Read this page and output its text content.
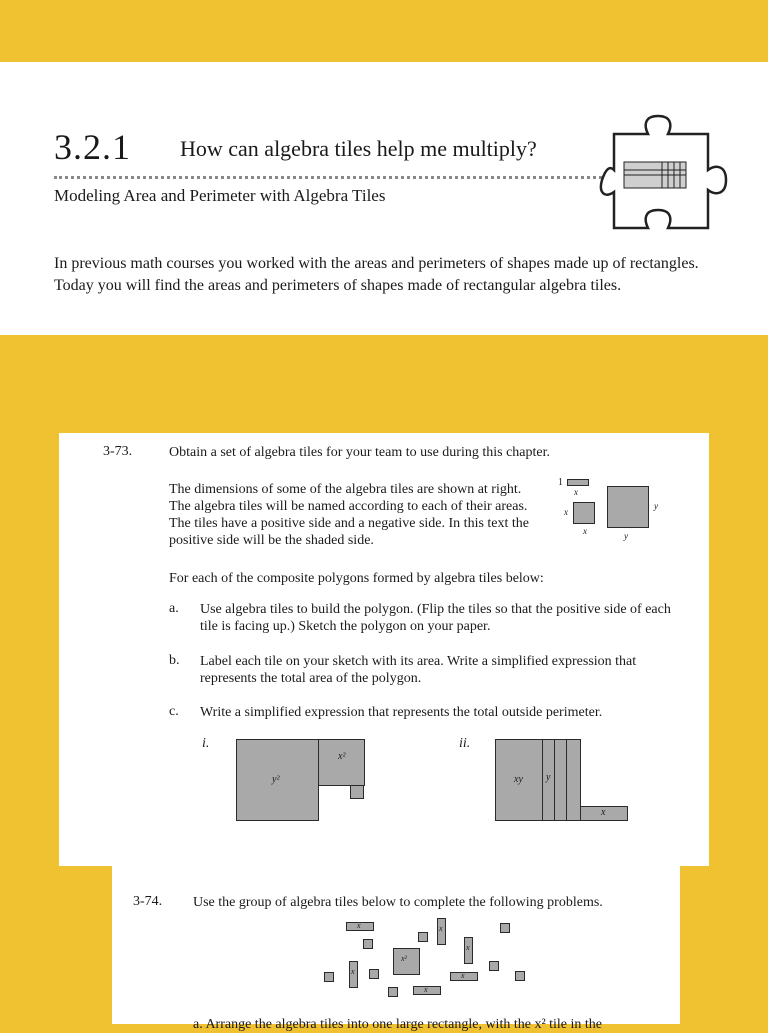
3.2.1 How can algebra tiles help me multiply?
Modeling Area and Perimeter with Algebra Tiles

In previous math courses you worked with the areas and perimeters of shapes made up of rectangles. Today you will find the areas and perimeters of shapes made of rectangular algebra tiles.

3-73.	Obtain a set of algebra tiles for your team to use during this chapter.

The dimensions of some of the algebra tiles are shown at right. The algebra tiles will be named according to each of their areas. The tiles have a positive side and a negative side. In this text the positive side will be the shaded side.

1
x
x
x
y
y

For each of the composite polygons formed by algebra tiles below:

a. Use algebra tiles to build the polygon. (Flip the tiles so that the positive side of each tile is facing up.) Sketch the polygon on your paper.

b. Label each tile on your sketch with its area. Write a simplified expression that represents the total area of the polygon.

c. Write a simplified expression that represents the total outside perimeter.

i.
y²
x²
ii.
xy y
x
3-74. Use the group of algebra tiles below to complete the following problems.

x	x
x²
x
x	x
x

a. Arrange the algebra tiles into one large rectangle, with the x² tile in the
